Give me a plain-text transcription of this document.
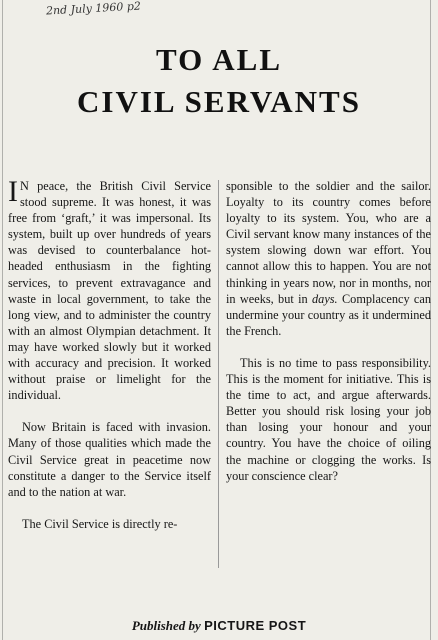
2nd July 1960 p2
TO ALL
CIVIL SERVANTS

I N peace, the British Civil Service stood supreme. It was honest, it was free from ‘graft,’ it was impersonal. Its system, built up over hundreds of years was devised to counterbalance hot-headed enthusiasm in the fighting services, to prevent extravagance and waste in local government, to take the long view, and to administer the country with an almost Olympian detachment. It may have worked slowly but it worked with accuracy and precision. It worked without praise or limelight for the individual.

Now Britain is faced with invasion. Many of those qualities which made the Civil Service great in peacetime now constitute a danger to the Service itself and to the nation at war.

The Civil Service is directly re-

sponsible to the soldier and the sailor. Loyalty to its country comes before loyalty to its system. You, who are a Civil servant know many instances of the system slowing down war effort. You cannot allow this to happen. You are not thinking in years now, nor in months, nor in weeks, but in days. Complacency can undermine your country as it undermined the French.

This is no time to pass responsibility. This is the moment for initiative. This is the time to act, and argue afterwards. Better you should risk losing your job than losing your honour and your country. You have the choice of oiling the machine or clogging the works. Is your conscience clear?

Published by PICTURE POST
